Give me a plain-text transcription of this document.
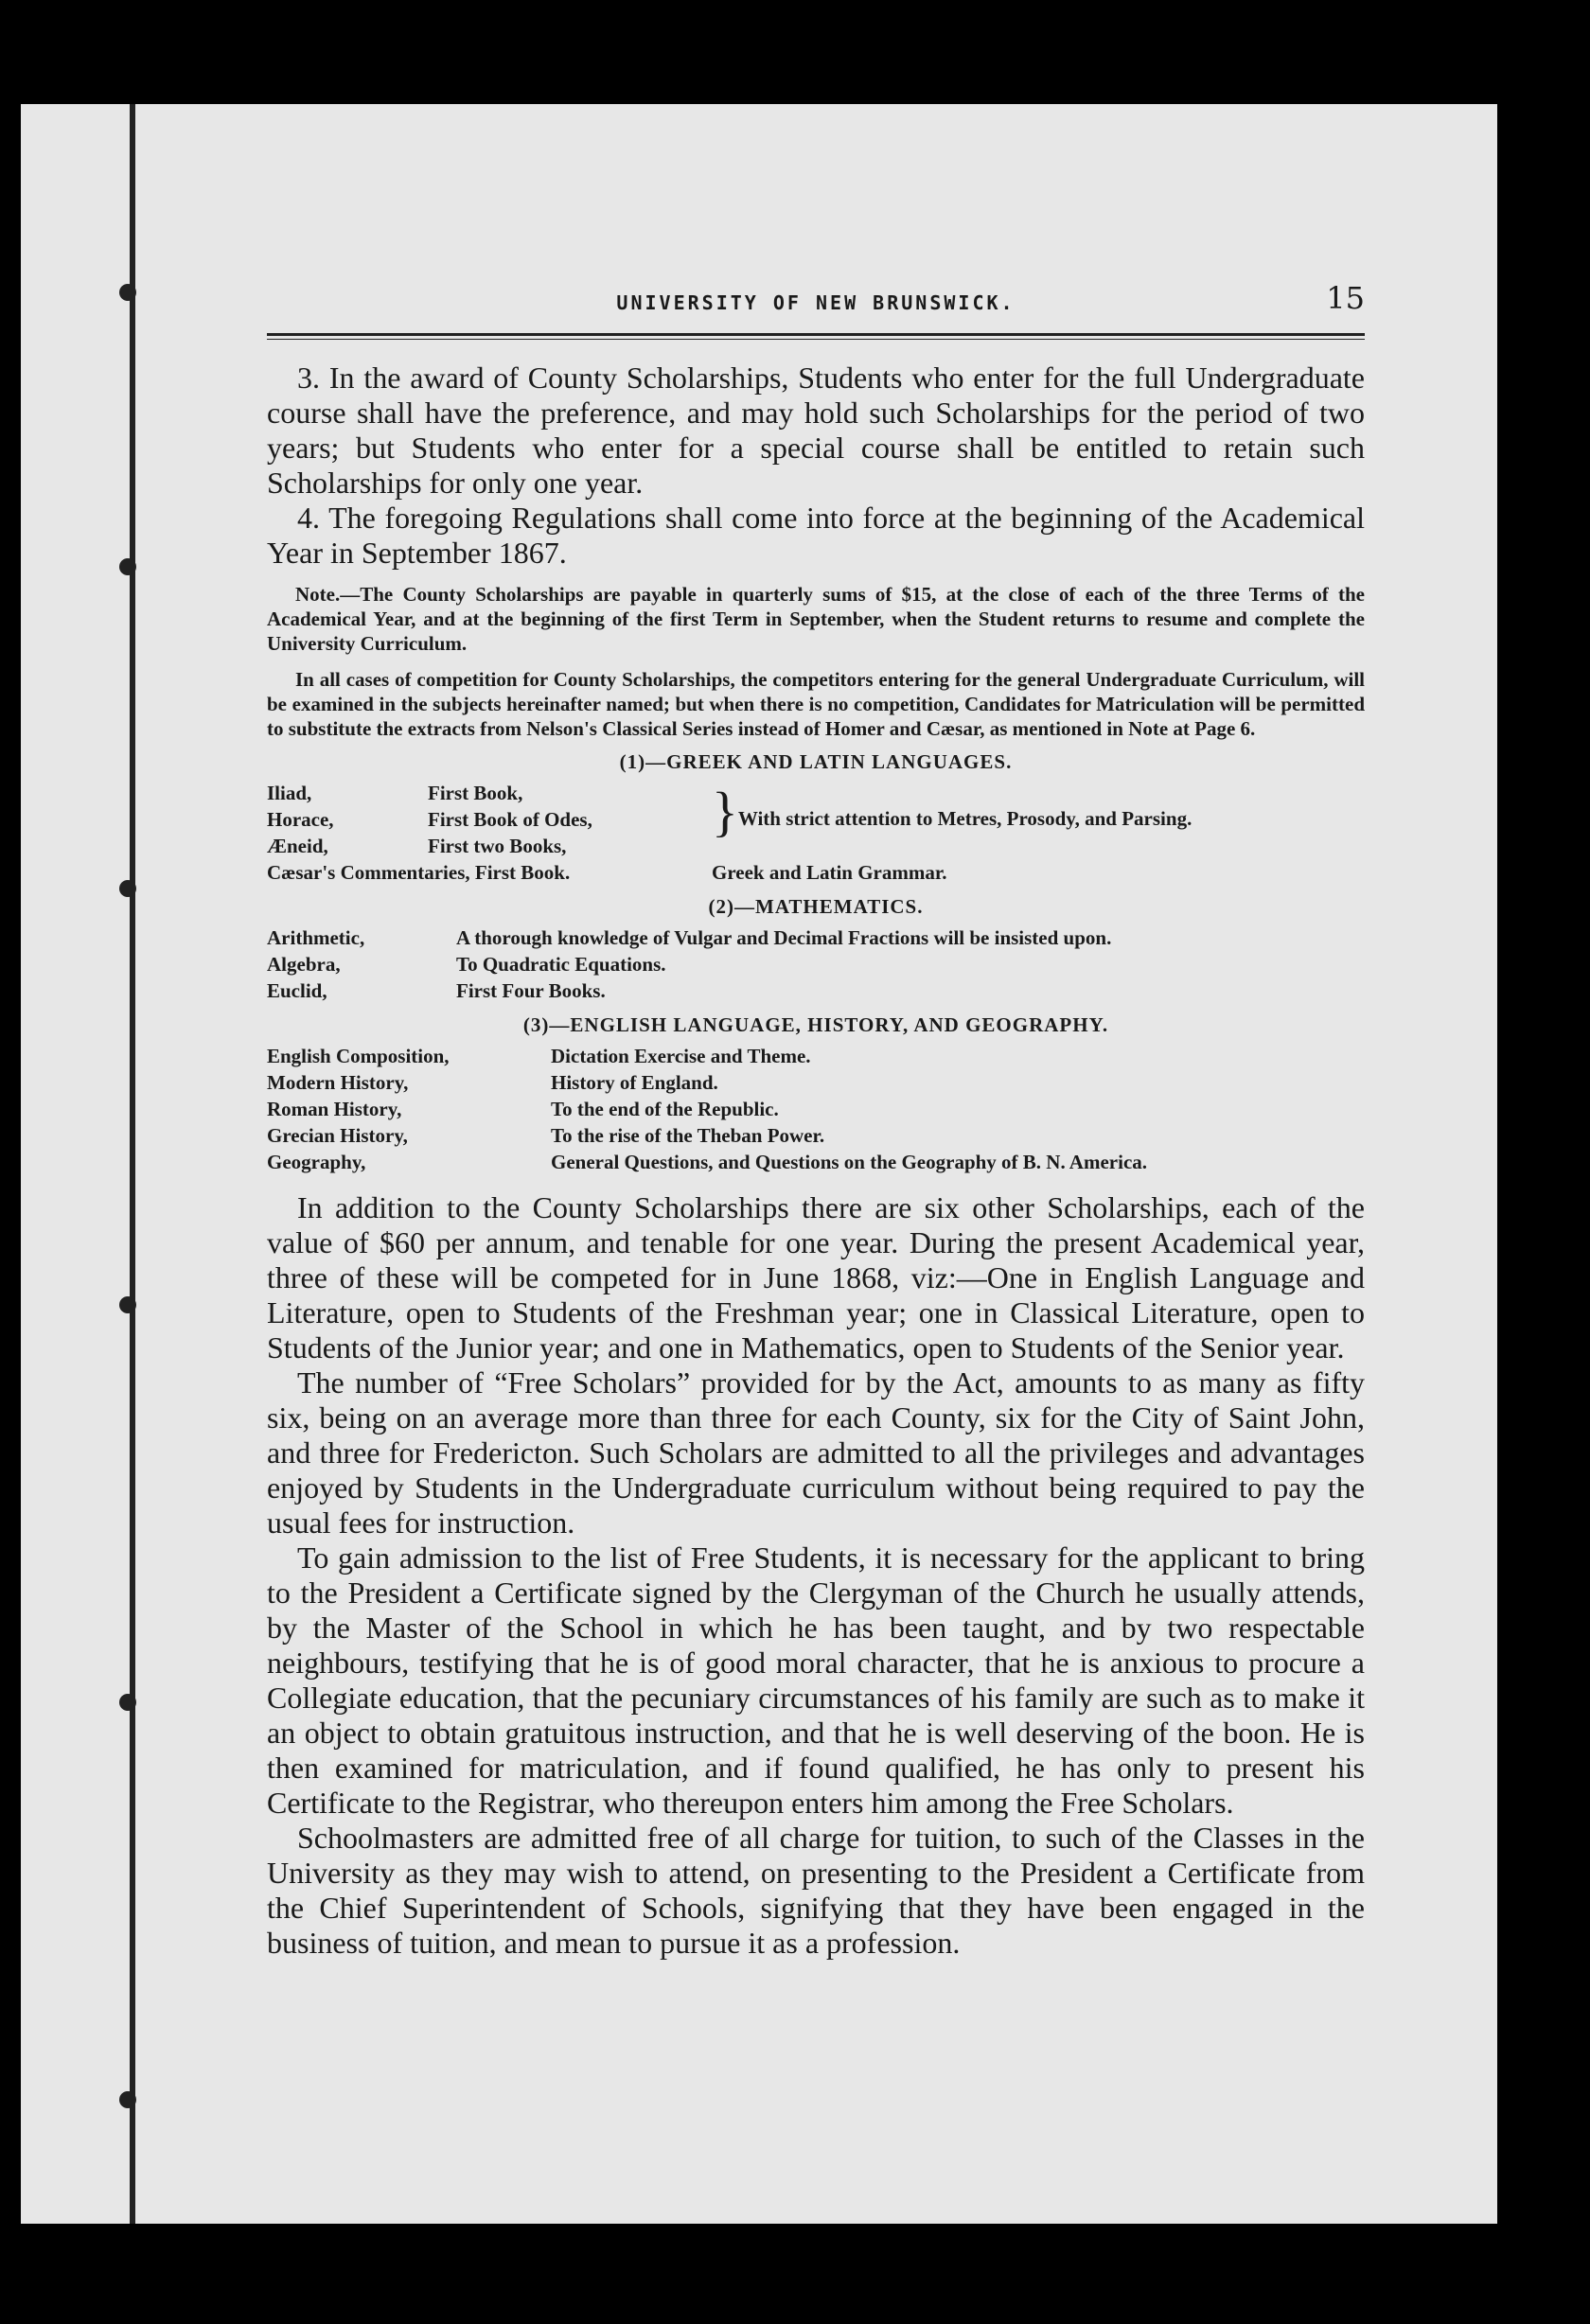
UNIVERSITY OF NEW BRUNSWICK.	15

3. In the award of County Scholarships, Students who enter for the full Undergraduate course shall have the preference, and may hold such Scholarships for the period of two years; but Students who enter for a special course shall be entitled to retain such Scholarships for only one year.

4. The foregoing Regulations shall come into force at the beginning of the Academical Year in September 1867.

Note.—The County Scholarships are payable in quarterly sums of $15, at the close of each of the three Terms of the Academical Year, and at the beginning of the first Term in September, when the Student returns to resume and complete the University Curriculum.

In all cases of competition for County Scholarships, the competitors entering for the general Undergraduate Curriculum, will be examined in the subjects hereinafter named; but when there is no competition, Candidates for Matriculation will be permitted to substitute the extracts from Nelson's Classical Series instead of Homer and Cæsar, as mentioned in Note at Page 6.

(1)—GREEK AND LATIN LANGUAGES.
Iliad,	First Book,		}	With strict attention to Metres, Prosody, and Parsing.

Horace,	First Book of Odes,
Æneid,	First two Books,
Cæsar's Commentaries, First Book.	Greek and Latin Grammar.
(2)—MATHEMATICS.
Arithmetic,	A thorough knowledge of Vulgar and Decimal Fractions will be insisted upon.
Algebra,	To Quadratic Equations.
Euclid,	First Four Books.
(3)—ENGLISH LANGUAGE, HISTORY, AND GEOGRAPHY.
English Composition,	Dictation Exercise and Theme.
Modern History,	History of England.
Roman History,	To the end of the Republic.
Grecian History,	To the rise of the Theban Power.
Geography,	General Questions, and Questions on the Geography of B. N. America.

In addition to the County Scholarships there are six other Scholarships, each of the value of $60 per annum, and tenable for one year. During the present Academical year, three of these will be competed for in June 1868, viz:—One in English Language and Literature, open to Students of the Freshman year; one in Classical Literature, open to Students of the Junior year; and one in Mathematics, open to Students of the Senior year.

The number of “Free Scholars” provided for by the Act, amounts to as many as fifty six, being on an average more than three for each County, six for the City of Saint John, and three for Fredericton. Such Scholars are admitted to all the privileges and advantages enjoyed by Students in the Undergraduate curriculum without being required to pay the usual fees for instruction.

To gain admission to the list of Free Students, it is necessary for the applicant to bring to the President a Certificate signed by the Clergyman of the Church he usually attends, by the Master of the School in which he has been taught, and by two respectable neighbours, testifying that he is of good moral character, that he is anxious to procure a Collegiate education, that the pecuniary circumstances of his family are such as to make it an object to obtain gratuitous instruction, and that he is well deserving of the boon. He is then examined for matriculation, and if found qualified, he has only to present his Certificate to the Registrar, who thereupon enters him among the Free Scholars.

Schoolmasters are admitted free of all charge for tuition, to such of the Classes in the University as they may wish to attend, on presenting to the President a Certificate from the Chief Superintendent of Schools, signifying that they have been engaged in the business of tuition, and mean to pursue it as a profession.
